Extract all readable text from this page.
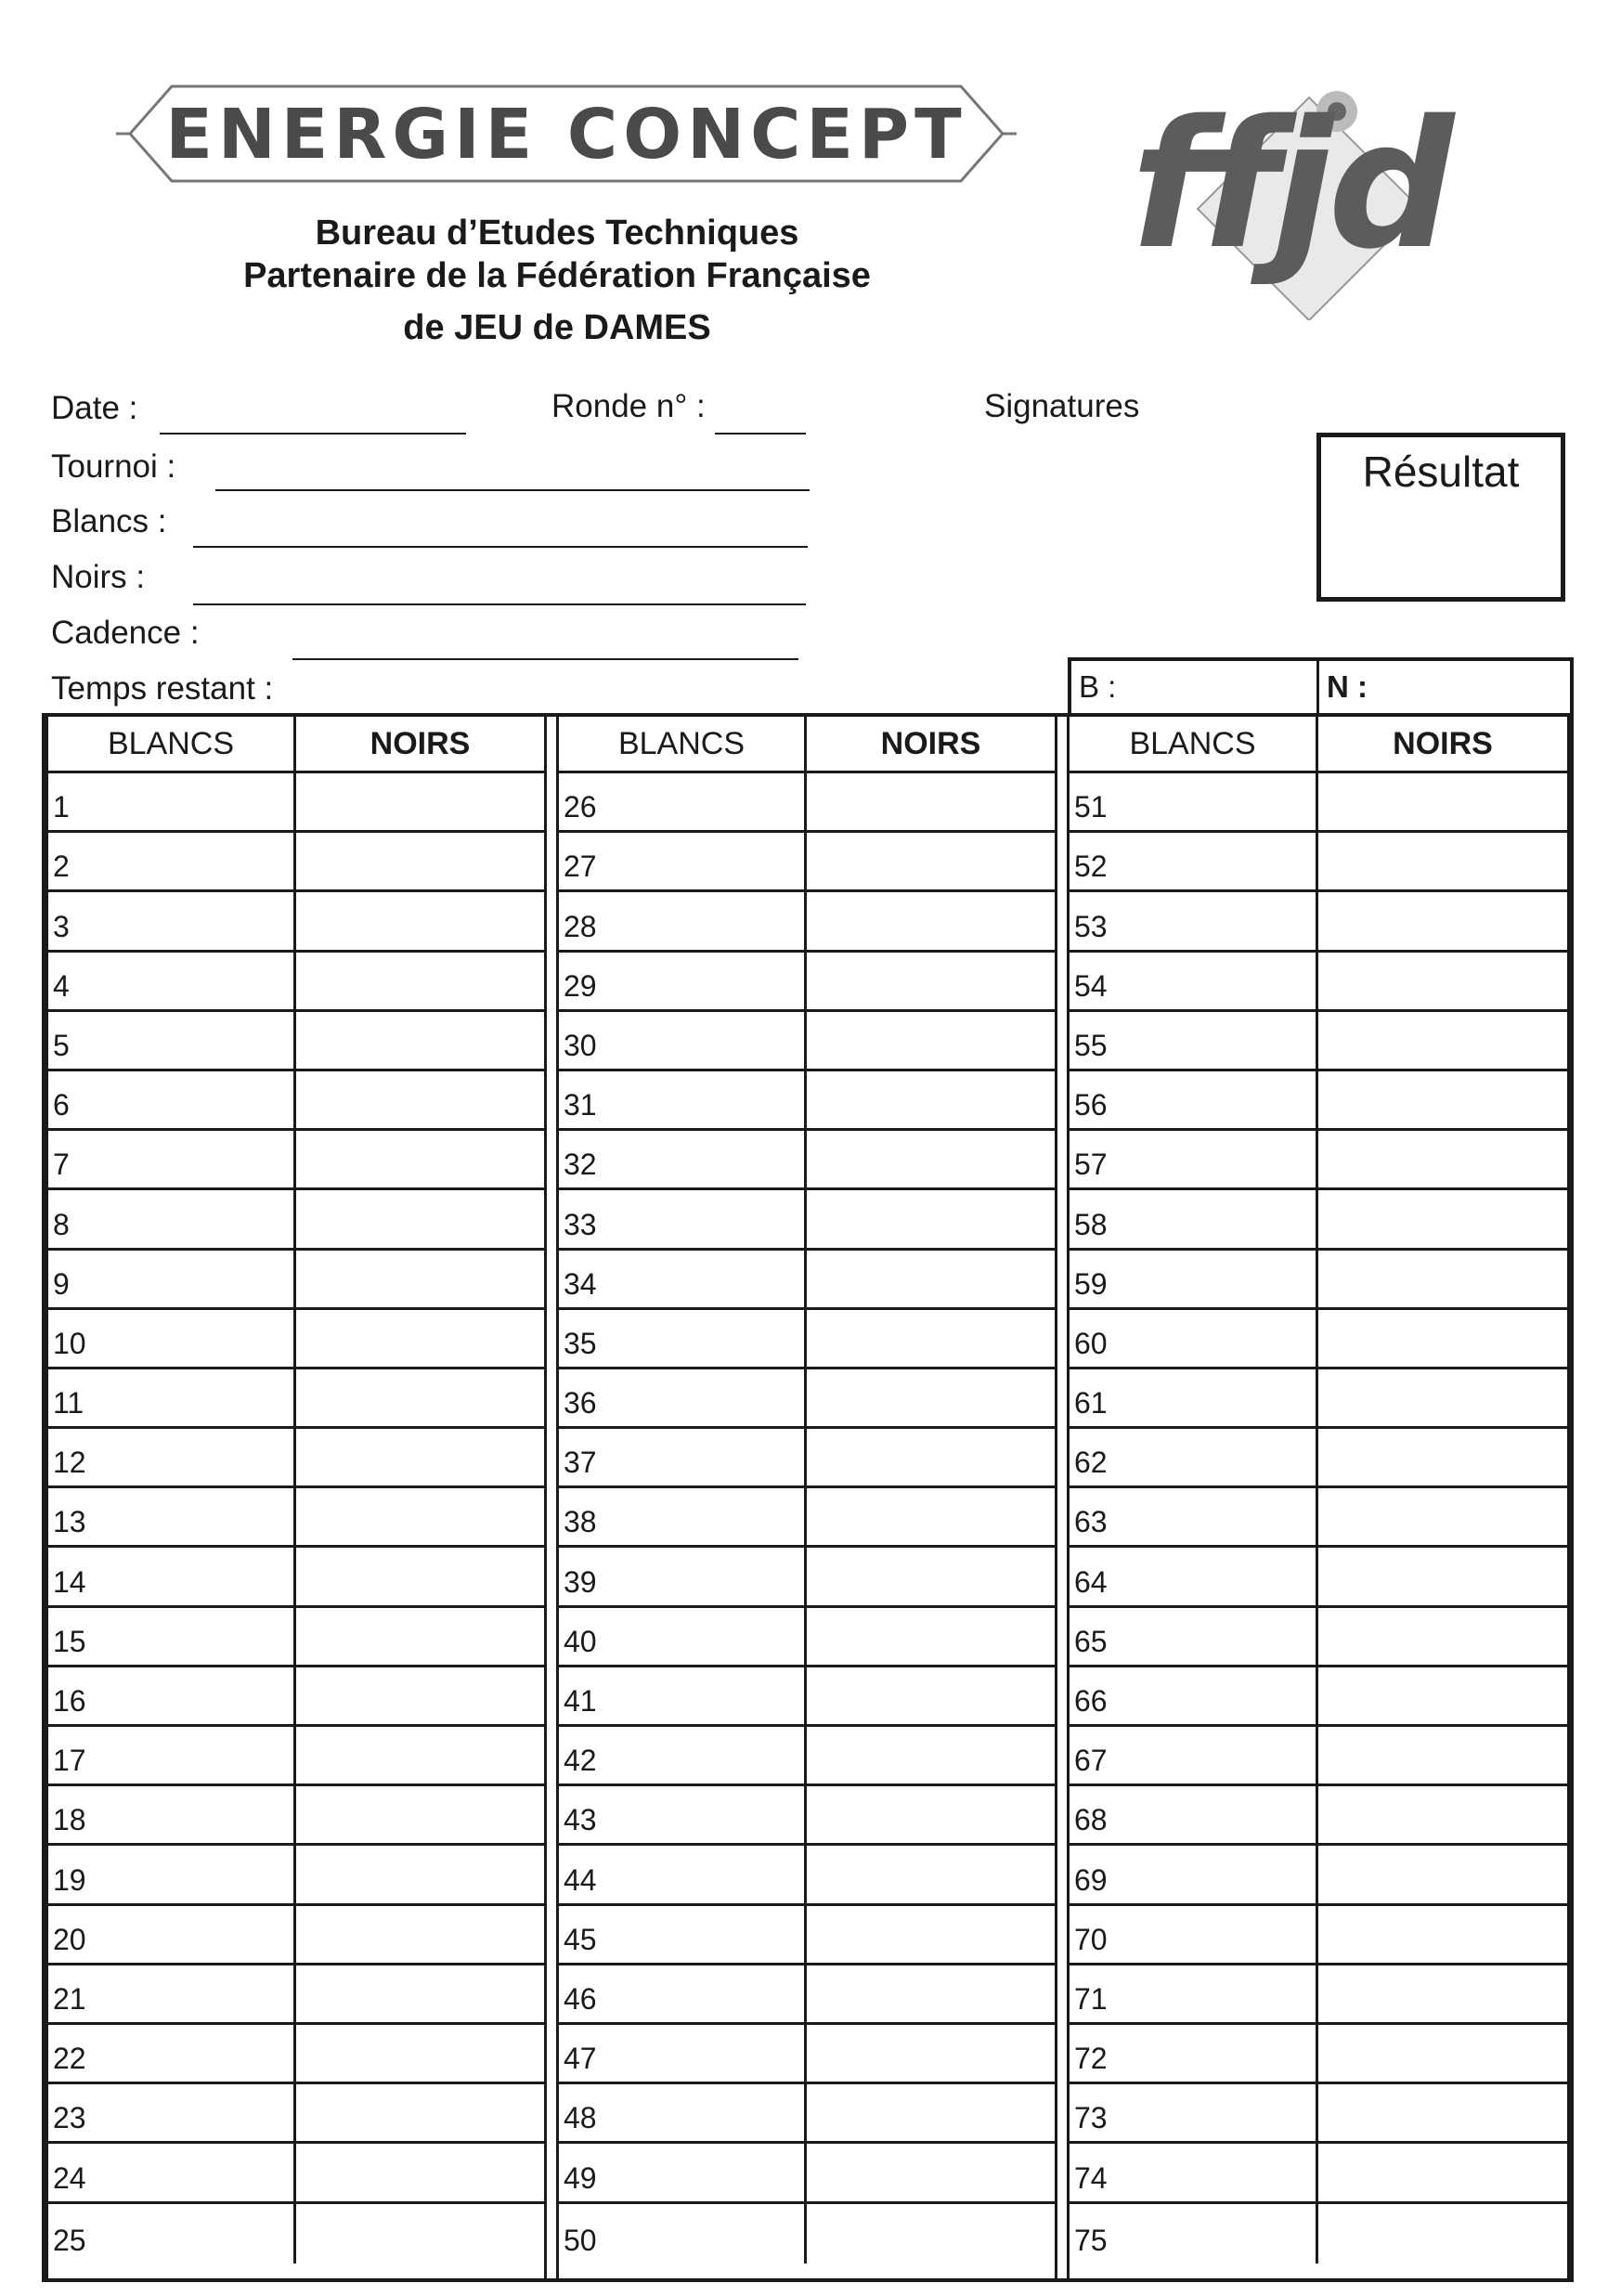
ENERGIE CONCEPT ffjd
Bureau d’Etudes Techniques
Partenaire de la Fédération Française
de JEU de DAMES
Date :	Ronde n° :	Signatures
Tournoi :
Blancs :
Noirs :
Cadence :
Temps restant :
Résultat
B :	N :
BLANCS	NOIRS
1
2
3
4
5
6
7
8
9
10
11
12
13
14
15
16
17
18
19
20
21
22
23
24
25
BLANCS	NOIRS
26
27
28
29
30
31
32
33
34
35
36
37
38
39
40
41
42
43
44
45
46
47
48
49
50
BLANCS	NOIRS
51
52
53
54
55
56
57
58
59
60
61
62
63
64
65
66
67
68
69
70
71
72
73
74
75
